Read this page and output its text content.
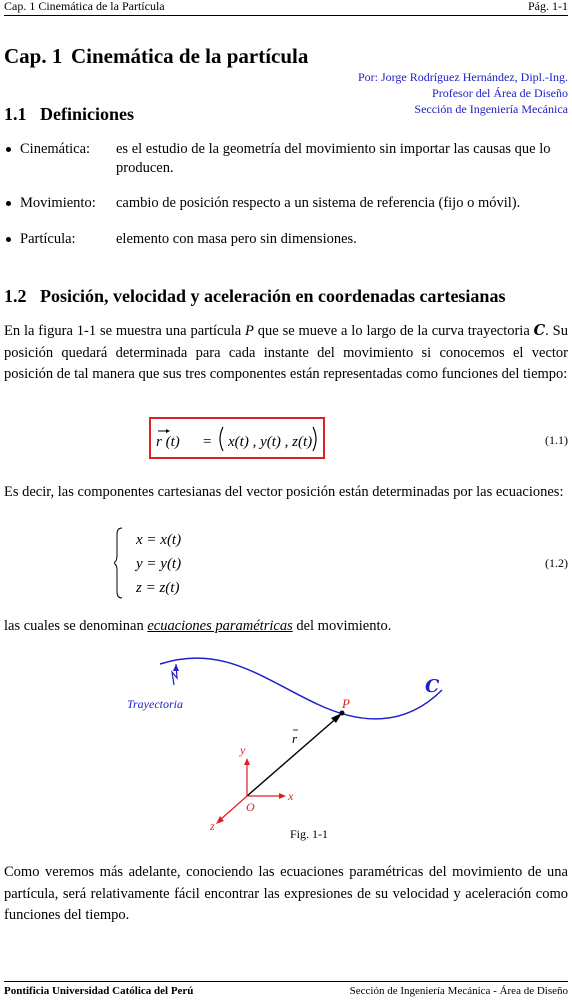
Cap. 1 Cinemática de la Partícula	Pág. 1-1
Cap. 1 Cinemática de la partícula
Por: Jorge Rodríguez Hernández, Dipl.-Ing.
Profesor del Área de Diseño
Sección de Ingeniería Mecánica
1.1 Definiciones
Cinemática: es el estudio de la geometría del movimiento sin importar las causas que lo producen.
Movimiento: cambio de posición respecto a un sistema de referencia (fijo o móvil).
Partícula:	elemento con masa pero sin dimensiones.
1.2 Posición, velocidad y aceleración en coordenadas cartesianas
En la figura 1-1 se muestra una partícula P que se mueve a lo largo de la curva trayectoria C. Su posición quedará determinada para cada instante del movimiento si conocemos el vector posición de tal manera que sus tres componentes están representadas como funciones del tiempo:
r (t) = x(t) , y(t) , z(t)	(1.1)
Es decir, las componentes cartesianas del vector posición están determinadas por las ecuaciones:
x = x(t)
y = y(t)
z = z(t)
(1.2)
las cuales se denominan ecuaciones paramétricas del movimiento.
Trayectoria
C
P
r
y
x
z
O
Fig. 1-1
Como veremos más adelante, conociendo las ecuaciones paramétricas del movimiento de una partícula, será relativamente fácil encontrar las expresiones de su velocidad y aceleración como funciones del tiempo.
Pontificia Universidad Católica del Perú	Sección de Ingeniería Mecánica - Área de Diseño
